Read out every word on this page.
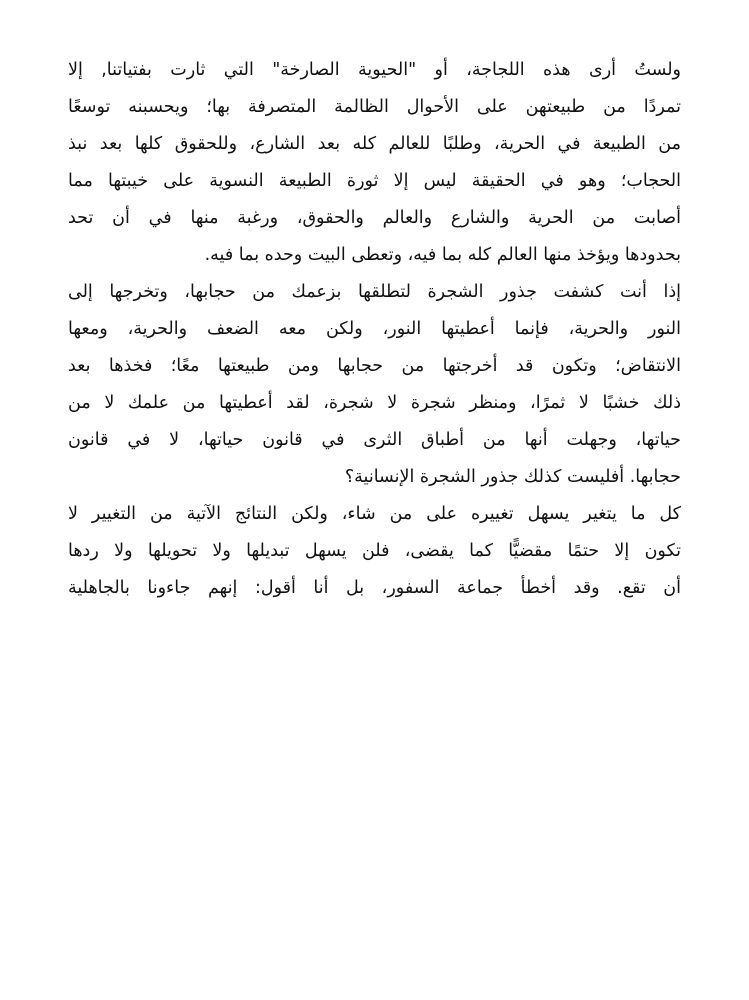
ولستُ أرى هذه اللجاجة، أو "الحيوية الصارخة" التي ثارت بفتياتنا, إلا
تمردًا من طبيعتهن على الأحوال الظالمة المتصرفة بها؛ ويحسبنه توسعًا
من الطبيعة في الحرية، وطلبًا للعالم كله بعد الشارع، وللحقوق كلها بعد نبذ
الحجاب؛ وهو في الحقيقة ليس إلا ثورة الطبيعة النسوية على خيبتها مما
أصابت من الحرية والشارع والعالم والحقوق، ورغبة منها في أن تحد
بحدودها ويؤخذ منها العالم كله بما فيه، وتعطى البيت وحده بما فيه.
إذا أنت كشفت جذور الشجرة لتطلقها بزعمك من حجابها، وتخرجها إلى
النور والحرية، فإنما أعطيتها النور، ولكن معه الضعف والحرية، ومعها
الانتقاض؛ وتكون قد أخرجتها من حجابها ومن طبيعتها معًا؛ فخذها بعد
ذلك خشبًا لا ثمرًا، ومنظر شجرة لا شجرة، لقد أعطيتها من علمك لا من
حياتها، وجهلت أنها من أطباق الثرى في قانون حياتها، لا في قانون
حجابها. أفليست كذلك جذور الشجرة الإنسانية؟
كل ما يتغير يسهل تغييره على من شاء، ولكن النتائج الآتية من التغيير لا
تكون إلا حتمًا مقضيًّا كما يقضى، فلن يسهل تبديلها ولا تحويلها ولا ردها
أن تقع. وقد أخطأ جماعة السفور، بل أنا أقول: إنهم جاءونا بالجاهلية
